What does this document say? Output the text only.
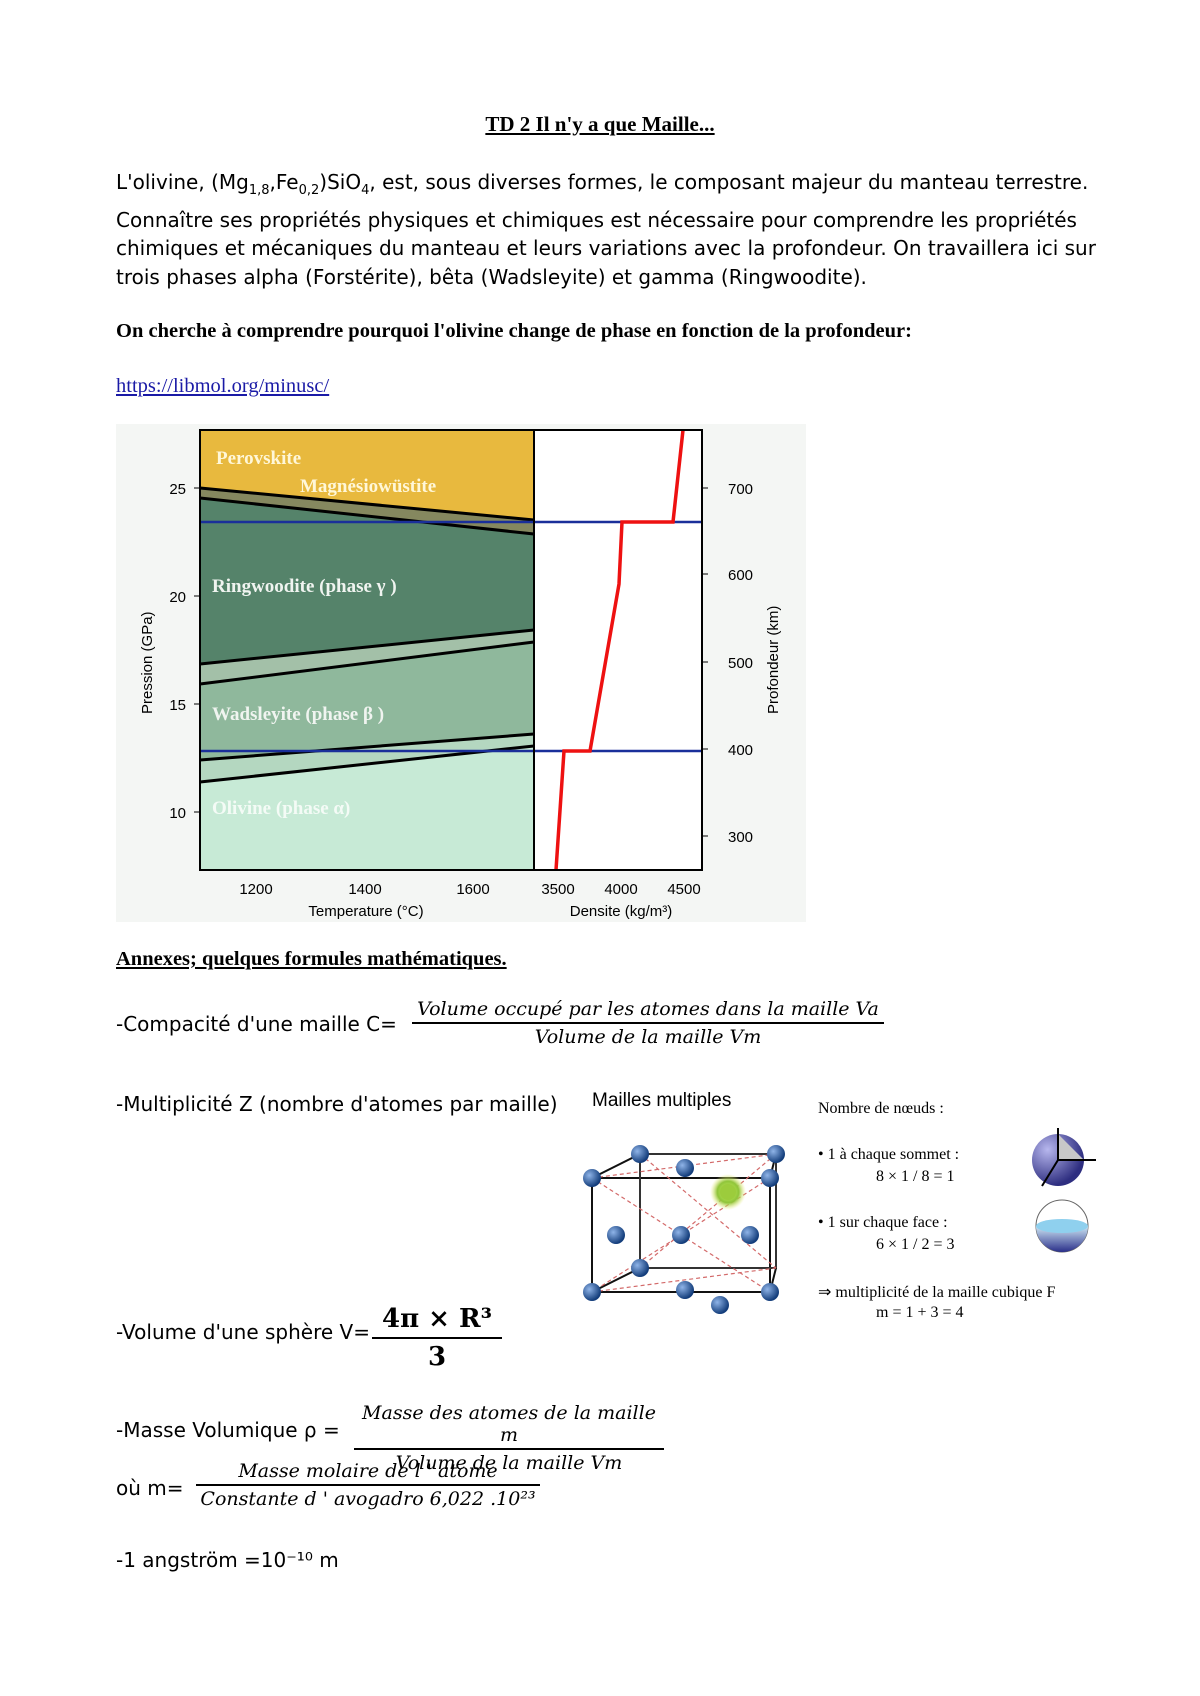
TD 2 Il n'y a que Maille...
L'olivine, $(Mg_{1,8},Fe_{0,2})SiO_4$, est, sous diverses formes, le composant majeur du manteau terrestre. Connaître ses propriétés physiques et chimiques est nécessaire pour comprendre les propriétés chimiques et mécaniques du manteau et leurs variations avec la profondeur. On travaillera ici sur trois phases alpha (Forstérite), bêta (Wadsleyite) et gamma (Ringwoodite).
On cherche à comprendre pourquoi l'olivine change de phase en fonction de la profondeur:
https://libmol.org/minusc/
Perovskite
Magnésiowüstite
Ringwoodite (phase γ )
Wadsleyite (phase β )
Olivine (phase α)
25
20
15
10
Pression (GPa)
1200	1400	1600
Temperature (°C)
3500 4000 4500
Densite (kg/m³)
700
600
500
400
300
Profondeur (km)
Annexes; quelques formules mathématiques.
-Compacité d'une maille C=
Volume occupé par les atomes dans la maille Va
Volume de la maille Vm
-Multiplicité Z (nombre d'atomes par maille) Mailles multiples	Nombre de nœuds :
• 1 à chaque sommet :
8 × 1 / 8 = 1
• 1 sur chaque face :
6 × 1 / 2 = 3
⇒ multiplicité de la maille cubique F
m = 1 + 3 = 4
-Volume d'une sphère V= 4π × R³
3
-Masse Volumique ρ =
Masse des atomes de la maille m
Volume de la maille Vm
où m=
Masse molaire de l ' atome
Constante d ' avogadro 6,022 .10²³
-1 angström =10⁻¹⁰ m
